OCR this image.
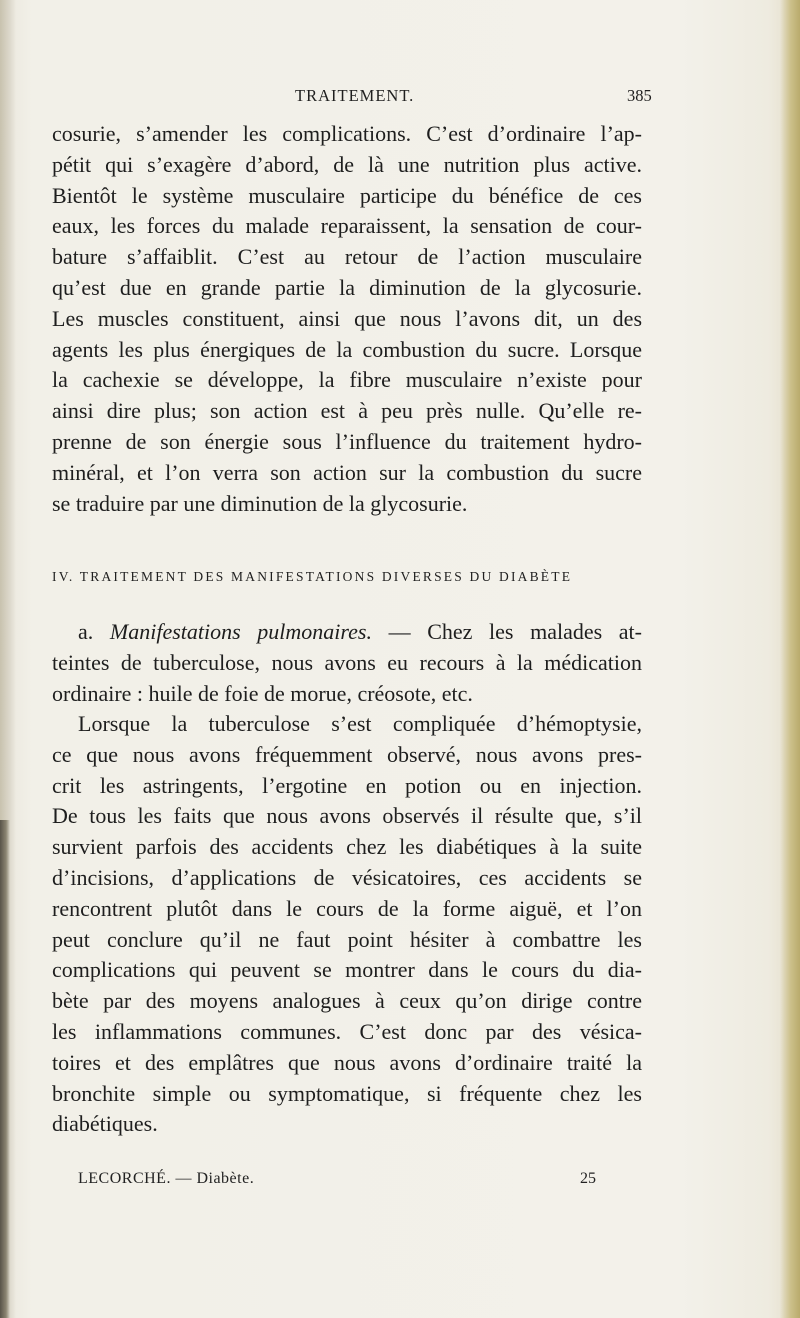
TRAITEMENT.	385
cosurie, s’amender les complications. C’est d’ordinaire l’ap-
pétit qui s’exagère d’abord, de là une nutrition plus active.
Bientôt le système musculaire participe du bénéfice de ces
eaux, les forces du malade reparaissent, la sensation de cour-
bature s’affaiblit. C’est au retour de l’action musculaire
qu’est due en grande partie la diminution de la glycosurie.
Les muscles constituent, ainsi que nous l’avons dit, un des
agents les plus énergiques de la combustion du sucre. Lorsque
la cachexie se développe, la fibre musculaire n’existe pour
ainsi dire plus; son action est à peu près nulle. Qu’elle re-
prenne de son énergie sous l’influence du traitement hydro-
minéral, et l’on verra son action sur la combustion du sucre
se traduire par une diminution de la glycosurie.
IV. TRAITEMENT DES MANIFESTATIONS DIVERSES DU DIABÈTE
a. Manifestations pulmonaires. — Chez les malades at-
teintes de tuberculose, nous avons eu recours à la médication
ordinaire : huile de foie de morue, créosote, etc.
Lorsque la tuberculose s’est compliquée d’hémoptysie,
ce que nous avons fréquemment observé, nous avons pres-
crit les astringents, l’ergotine en potion ou en injection.
De tous les faits que nous avons observés il résulte que, s’il
survient parfois des accidents chez les diabétiques à la suite
d’incisions, d’applications de vésicatoires, ces accidents se
rencontrent plutôt dans le cours de la forme aiguë, et l’on
peut conclure qu’il ne faut point hésiter à combattre les
complications qui peuvent se montrer dans le cours du dia-
bète par des moyens analogues à ceux qu’on dirige contre
les inflammations communes. C’est donc par des vésica-
toires et des emplâtres que nous avons d’ordinaire traité la
bronchite simple ou symptomatique, si fréquente chez les
diabétiques.
LECORCHÉ. — Diabète.	25
